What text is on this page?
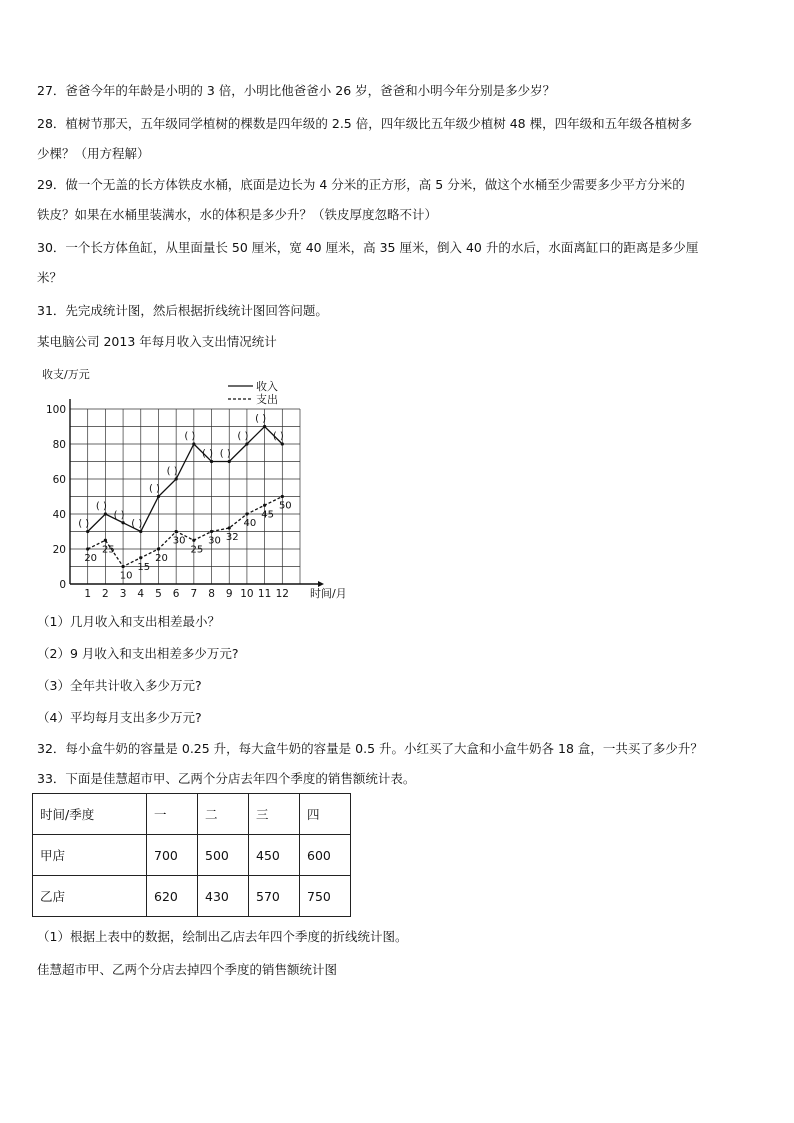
27．爸爸今年的年龄是小明的 3 倍，小明比他爸爸小 26 岁，爸爸和小明今年分别是多少岁？

28．植树节那天，五年级同学植树的棵数是四年级的 2.5 倍，四年级比五年级少植树 48 棵，四年级和五年级各植树多

少棵？（用方程解）

29．做一个无盖的长方体铁皮水桶，底面是边长为 4 分米的正方形，高 5 分米，做这个水桶至少需要多少平方分米的

铁皮？如果在水桶里装满水，水的体积是多少升？（铁皮厚度忽略不计）

30．一个长方体鱼缸，从里面量长 50 厘米，宽 40 厘米，高 35 厘米，倒入 40 升的水后，水面离缸口的距离是多少厘

米？

31．先完成统计图，然后根据折线统计图回答问题。

某电脑公司 2013 年每月收入支出情况统计

收支/万元
时间/月
0
20
40
60
80
100
1 2 3 4 5 6 7 8 9 10 11 12
( )
( )
( )
( )
( )
( )
( )
( ) ( )
( )
( )
( )
20
25
10
15
20
30
25
30 32
40
45
50
收入
支出

（1）几月收入和支出相差最小？

（2）9 月收入和支出相差多少万元?

（3）全年共计收入多少万元?

（4）平均每月支出多少万元?

32．每小盒牛奶的容量是 0.25 升，每大盒牛奶的容量是 0.5 升。小红买了大盒和小盒牛奶各 18 盒，一共买了多少升？

33．下面是佳慧超市甲、乙两个分店去年四个季度的销售额统计表。

时间/季度	一	二	三	四
甲店	700	500	450	600
乙店	620	430	570	750

（1）根据上表中的数据，绘制出乙店去年四个季度的折线统计图。

佳慧超市甲、乙两个分店去掉四个季度的销售额统计图
